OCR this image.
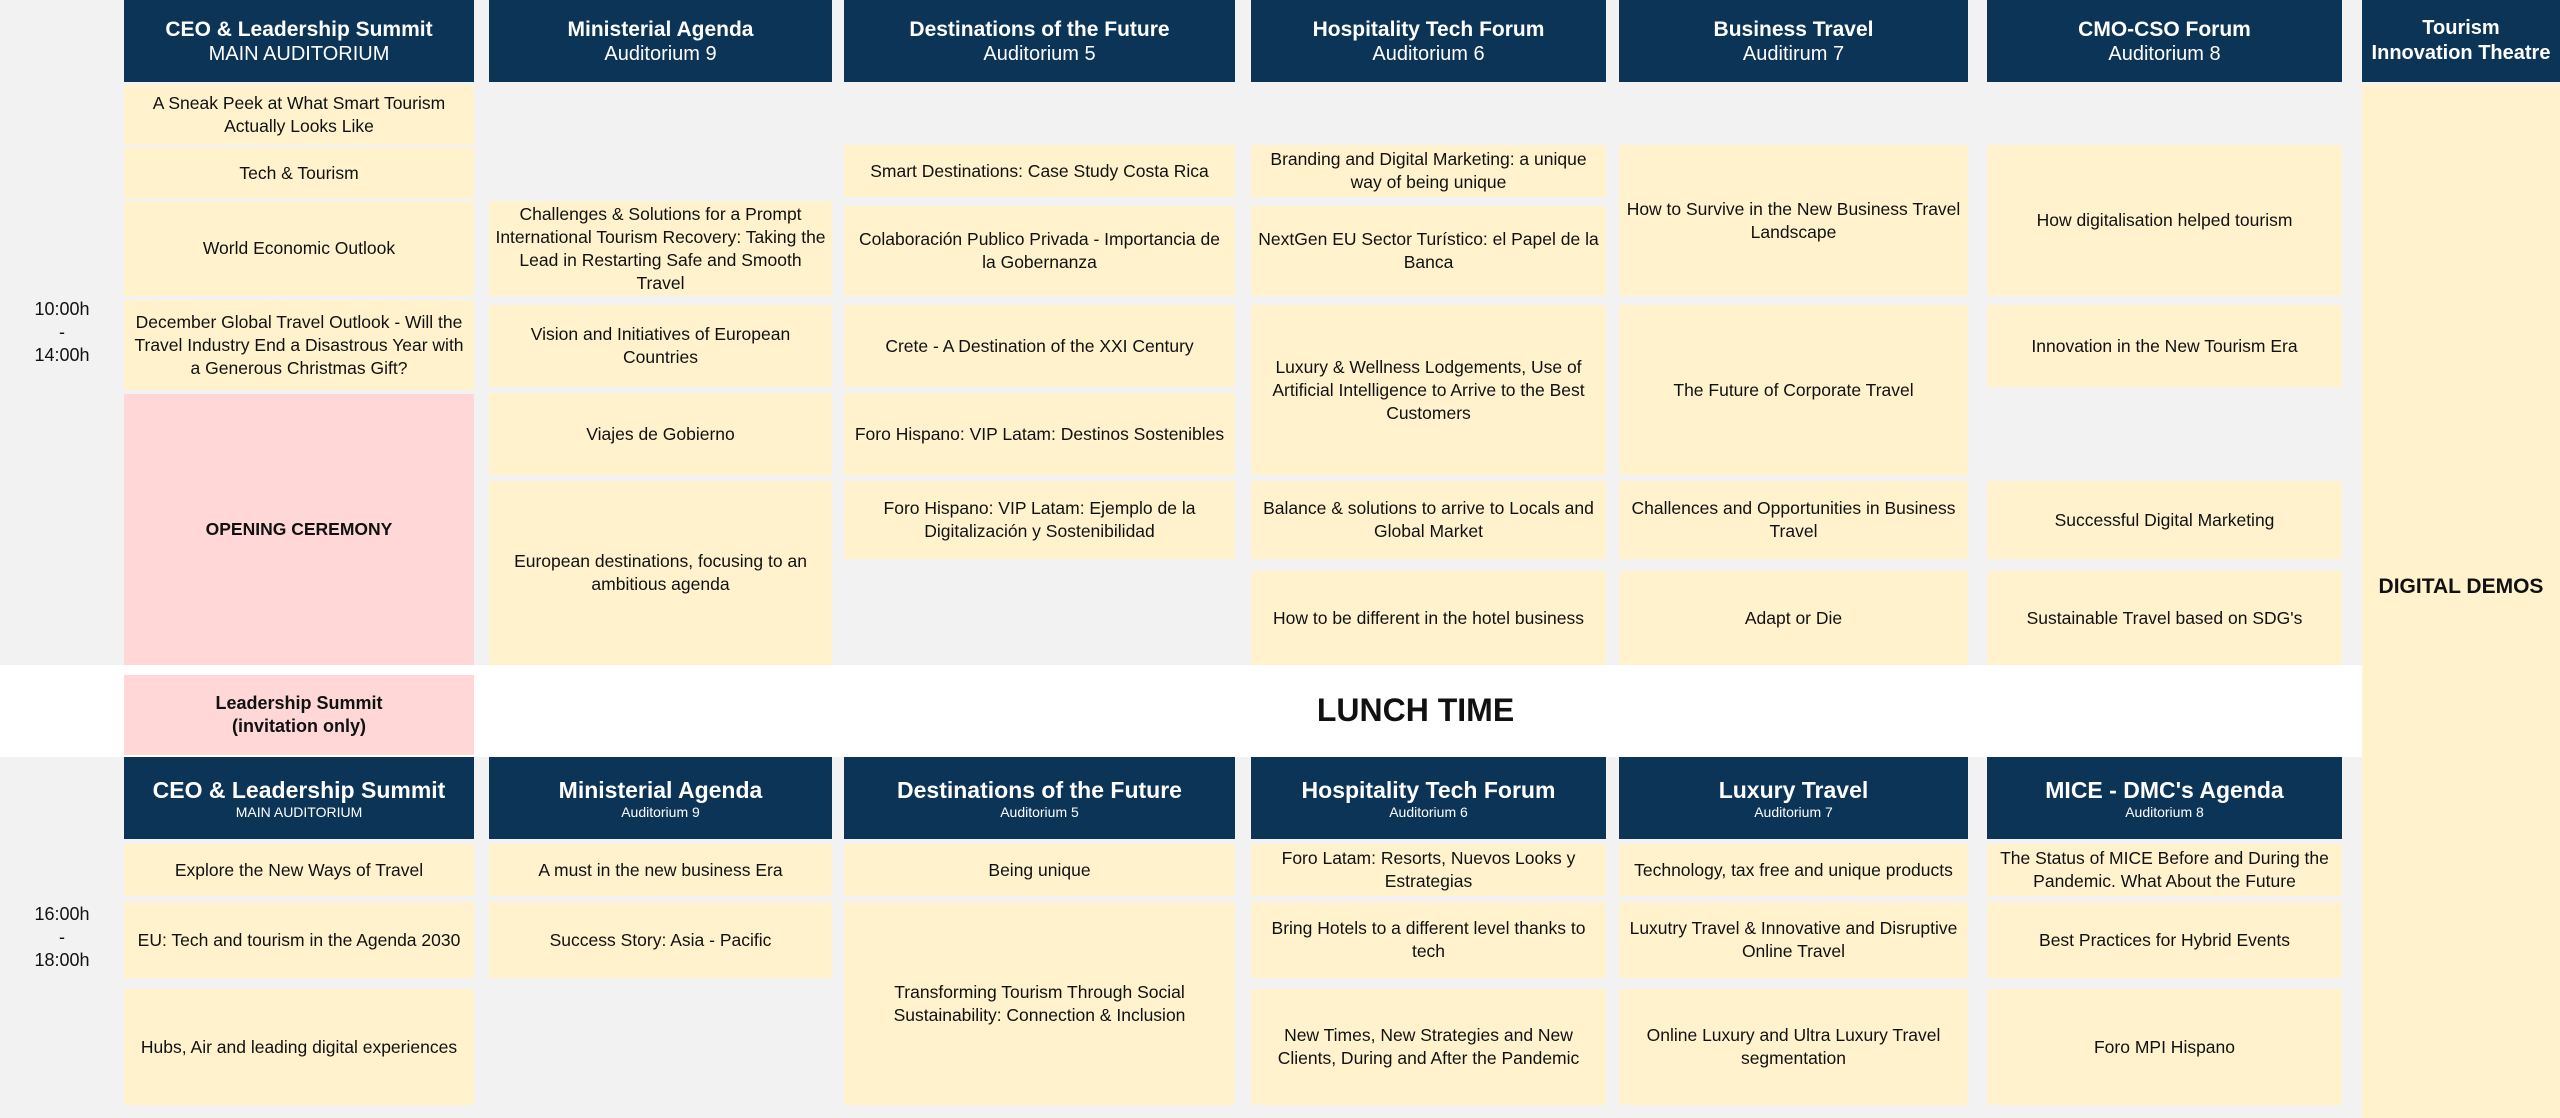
10:00h
-
14:00h
16:00h
-
18:00h
CEO & Leadership Summit
MAIN AUDITORIUM
Ministerial Agenda
Auditorium 9
Destinations of the Future
Auditorium 5
Hospitality Tech Forum
Auditorium 6
Business Travel
Auditirum 7
CMO-CSO Forum
Auditorium 8
Tourism
Innovation Theatre
A Sneak Peek at What Smart Tourism Actually Looks Like
Tech & Tourism
World Economic Outlook
December Global Travel Outlook - Will the Travel Industry End a Disastrous Year with a Generous Christmas Gift?
OPENING CEREMONY
Challenges & Solutions for a Prompt International Tourism Recovery: Taking the Lead in Restarting Safe and Smooth Travel
Vision and Initiatives of European Countries
Viajes de Gobierno
European destinations, focusing to an ambitious agenda
Smart Destinations: Case Study Costa Rica
Colaboración Publico Privada - Importancia de la Gobernanza
Crete - A Destination of the XXI Century
Foro Hispano: VIP Latam: Destinos Sostenibles
Foro Hispano: VIP Latam: Ejemplo de la Digitalización y Sostenibilidad
Branding and Digital Marketing: a unique way of being unique
NextGen EU Sector Turístico: el Papel de la Banca
Luxury & Wellness Lodgements, Use of Artificial Intelligence to Arrive to the Best Customers
Balance & solutions to arrive to Locals and Global Market
How to be different in the hotel business
How to Survive in the New Business Travel Landscape
The Future of Corporate Travel
Challences and Opportunities in Business Travel
Adapt or Die
How digitalisation helped tourism
Innovation in the New Tourism Era
Successful Digital Marketing
Sustainable Travel based on SDG's
DIGITAL DEMOS
Leadership Summit
(invitation only)	LUNCH TIME
CEO & Leadership Summit
MAIN AUDITORIUM
Ministerial Agenda
Auditorium 9
Destinations of the Future
Auditorium 5
Hospitality Tech Forum
Auditorium 6
Luxury Travel
Auditorium 7
MICE - DMC's Agenda
Auditorium 8
Explore the New Ways of Travel
EU: Tech and tourism in the Agenda 2030
Hubs, Air and leading digital experiences
A must in the new business Era
Success Story: Asia - Pacific
Being unique
Transforming Tourism Through Social Sustainability: Connection & Inclusion
Foro Latam: Resorts, Nuevos Looks y Estrategias
Bring Hotels to a different level thanks to tech
New Times, New Strategies and New Clients, During and After the Pandemic
Technology, tax free and unique products
Luxutry Travel & Innovative and Disruptive Online Travel
Online Luxury and Ultra Luxury Travel segmentation
The Status of MICE Before and During the Pandemic. What About the Future
Best Practices for Hybrid Events
Foro MPI Hispano
